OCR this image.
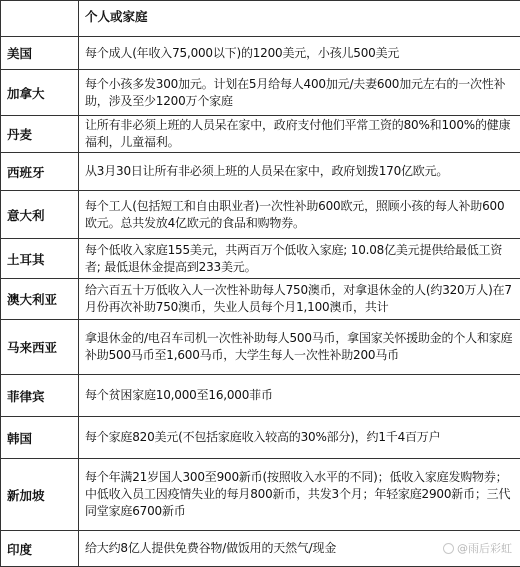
	个人或家庭
美国	每个成人(年收入75,000以下)的1200美元，小孩儿500美元
加拿大	每个小孩多发300加元。计划在5月给每人400加元/夫妻600加元左右的一次性补助，涉及至少1200万个家庭
丹麦	让所有非必须上班的人员呆在家中，政府支付他们平常工资的80%和100%的健康福利，儿童福利。
西班牙	从3月30日让所有非必须上班的人员呆在家中，政府划拨170亿欧元。
意大利	每个工人(包括短工和自由职业者)一次性补助600欧元，照顾小孩的每人补助600欧元。总共发放4亿欧元的食品和购物券。
土耳其	每个低收入家庭155美元，共两百万个低收入家庭; 10.08亿美元提供给最低工资者; 最低退休金提高到233美元。
澳大利亚	给六百五十万低收入人一次性补助每人750澳币，对拿退休金的人(约320万人)在7月份再次补助750澳币，失业人员每个月1,100澳币，共计
马来西亚	拿退休金的/电召车司机一次性补助每人500马币，拿国家关怀援助金的个人和家庭补助500马币至1,600马币，大学生每人一次性补助200马币
菲律宾	每个贫困家庭10,000至16,000菲币
韩国	每个家庭820美元(不包括家庭收入较高的30%部分)，约1千4百万户
新加坡	每个年满21岁国人300至900新币(按照收入水平的不同)；低收入家庭发购物券；中低收入员工因疫情失业的每月800新币，共发3个月；年轻家庭2900新币；三代同堂家庭6700新币
印度	给大约8亿人提供免费谷物/做饭用的天然气/现金	@雨后彩虹
